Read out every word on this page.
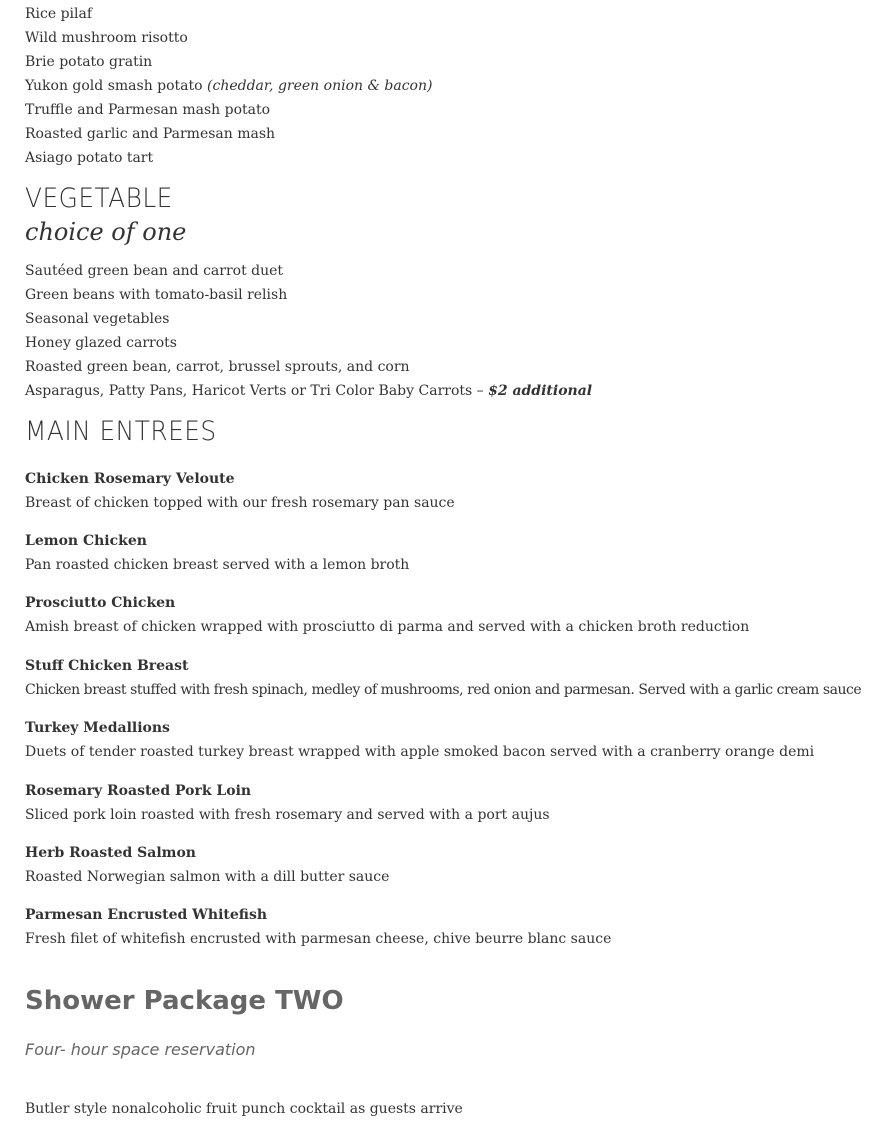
Rice pilaf
Wild mushroom risotto
Brie potato gratin
Yukon gold smash potato (cheddar, green onion & bacon)
Truffle and Parmesan mash potato
Roasted garlic and Parmesan mash
Asiago potato tart
VEGETABLE
choice of one
Sautéed green bean and carrot duet
Green beans with tomato-basil relish
Seasonal vegetables
Honey glazed carrots
Roasted green bean, carrot, brussel sprouts, and corn
Asparagus, Patty Pans, Haricot Verts or Tri Color Baby Carrots – $2 additional
MAIN ENTREES
Chicken Rosemary Veloute
Breast of chicken topped with our fresh rosemary pan sauce
Lemon Chicken
Pan roasted chicken breast served with a lemon broth
Prosciutto Chicken
Amish breast of chicken wrapped with prosciutto di parma and served with a chicken broth reduction
Stuff Chicken Breast
Chicken breast stuffed with fresh spinach, medley of mushrooms, red onion and parmesan. Served with a garlic cream sauce
Turkey Medallions
Duets of tender roasted turkey breast wrapped with apple smoked bacon served with a cranberry orange demi
Rosemary Roasted Pork Loin
Sliced pork loin roasted with fresh rosemary and served with a port aujus
Herb Roasted Salmon
Roasted Norwegian salmon with a dill butter sauce
Parmesan Encrusted Whitefish
Fresh filet of whitefish encrusted with parmesan cheese, chive beurre blanc sauce
Shower Package TWO
Four- hour space reservation
Butler style nonalcoholic fruit punch cocktail as guests arrive
